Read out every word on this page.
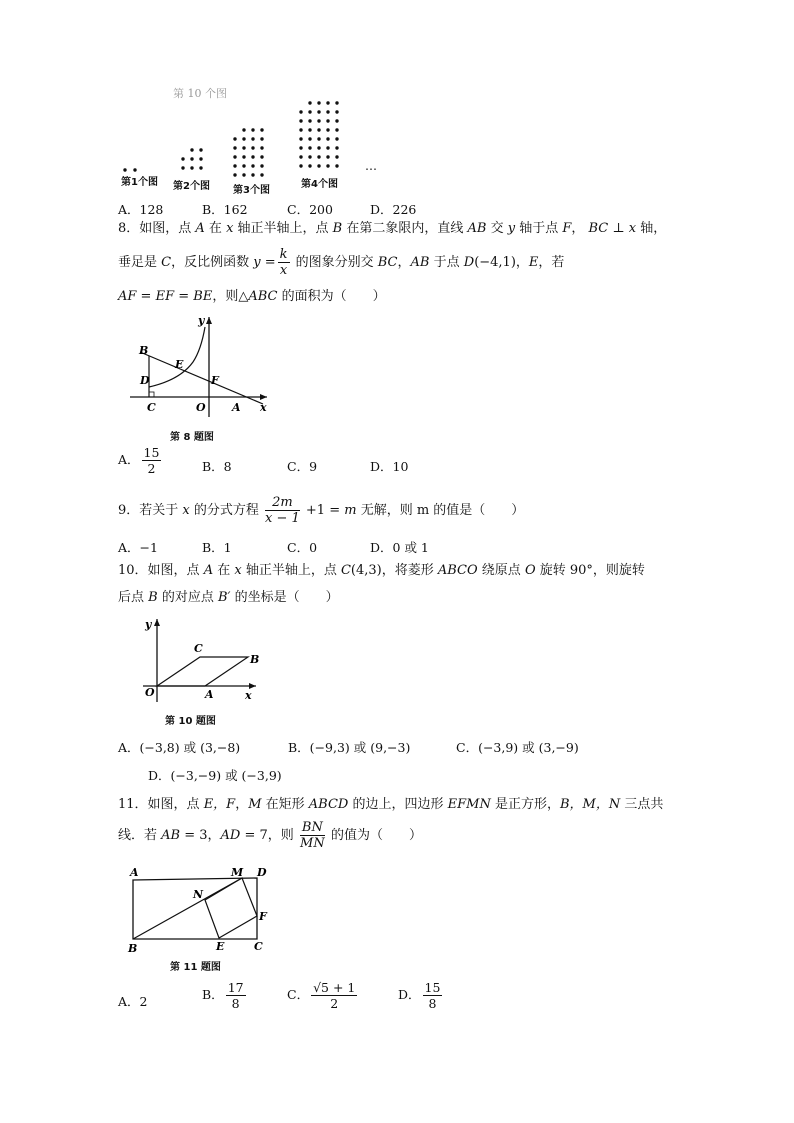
第 10 个图
第1个图 第2个图 第3个图
第4个图
…
A．128	B．162	C．200	D．226
8．如图，点 A 在 x 轴正半轴上，点 B 在第二象限内，直线 AB 交 y 轴于点 F， BC ⊥ x 轴，
垂足是 C，反比例函数 $y = \frac{k}{x}$ 的图象分别交 BC，AB 于点 D(−4,1)，E，若
AF = EF = BE，则△ABC 的面积为（　　）
B
E
D	F
C	O A x
y
第 8 题图
A． $\frac{15}{2}$	B．8	C．9	D．10
9．若关于 x 的分式方程 $\frac{2m}{x - 1} +1 = m$ 无解，则 m 的值是（　　）
A．−1	B．1	C．0	D．0 或 1
10．如图，点 A 在 x 轴正半轴上，点 C(4,3)，将菱形 ABCO 绕原点 O 旋转 90°，则旋转
后点 B 的对应点 B′ 的坐标是（　　）
C
B
O	A	x
y
第 10 题图
A．(−3,8) 或 (3,−8)	B．(−9,3) 或 (9,−3)	C．(−3,9) 或 (3,−9)
D．(−3,−9) 或 (−3,9)
11．如图，点 E，F，M 在矩形 ABCD 的边上，四边形 EFMN 是正方形，B，M，N 三点共
线．若 AB = 3，AD = 7，则 $\frac{BN}{MN}$ 的值为（　　）
A	M D
N
F
B	E	C
第 11 题图
A．2	B． $\frac{17}{8}$	C． $\frac{√5 + 1}{2}$	D． $\frac{15}{8}$
